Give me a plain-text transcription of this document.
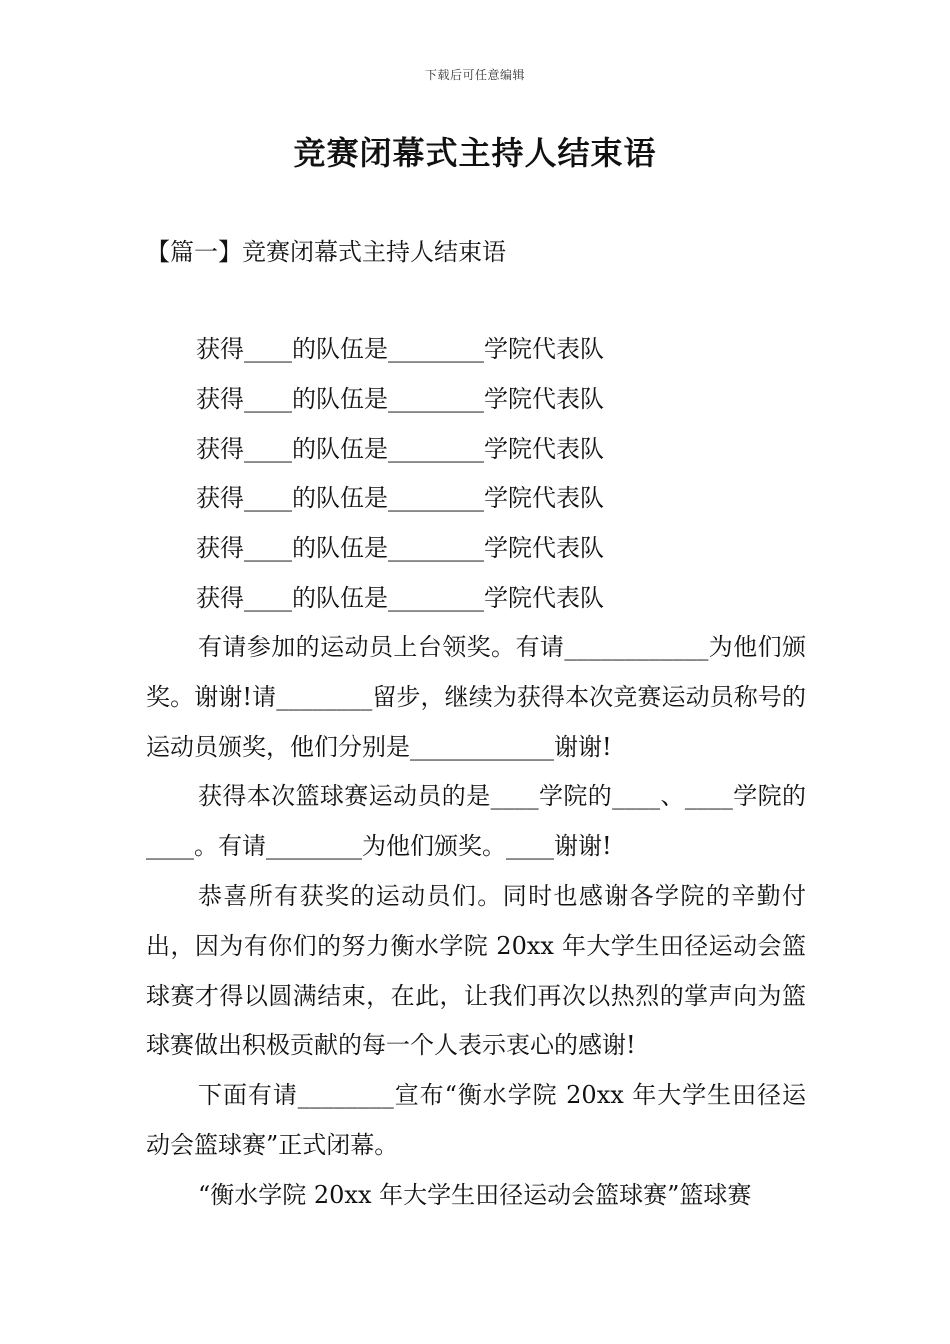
下载后可任意编辑
竞赛闭幕式主持人结束语
【篇一】竞赛闭幕式主持人结束语
获得____的队伍是________学院代表队
获得____的队伍是________学院代表队
获得____的队伍是________学院代表队
获得____的队伍是________学院代表队
获得____的队伍是________学院代表队
获得____的队伍是________学院代表队

有请参加的运动员上台领奖。有请____________为他们颁奖。谢谢!请________留步，继续为获得本次竞赛运动员称号的运动员颁奖，他们分别是____________谢谢!

获得本次篮球赛运动员的是____学院的____、____学院的____。有请________为他们颁奖。____谢谢!

恭喜所有获奖的运动员们。同时也感谢各学院的辛勤付出，因为有你们的努力衡水学院 20xx 年大学生田径运动会篮球赛才得以圆满结束，在此，让我们再次以热烈的掌声向为篮球赛做出积极贡献的每一个人表示衷心的感谢!

下面有请________宣布“衡水学院 20xx 年大学生田径运动会篮球赛”正式闭幕。

“衡水学院 20xx 年大学生田径运动会篮球赛”篮球赛
